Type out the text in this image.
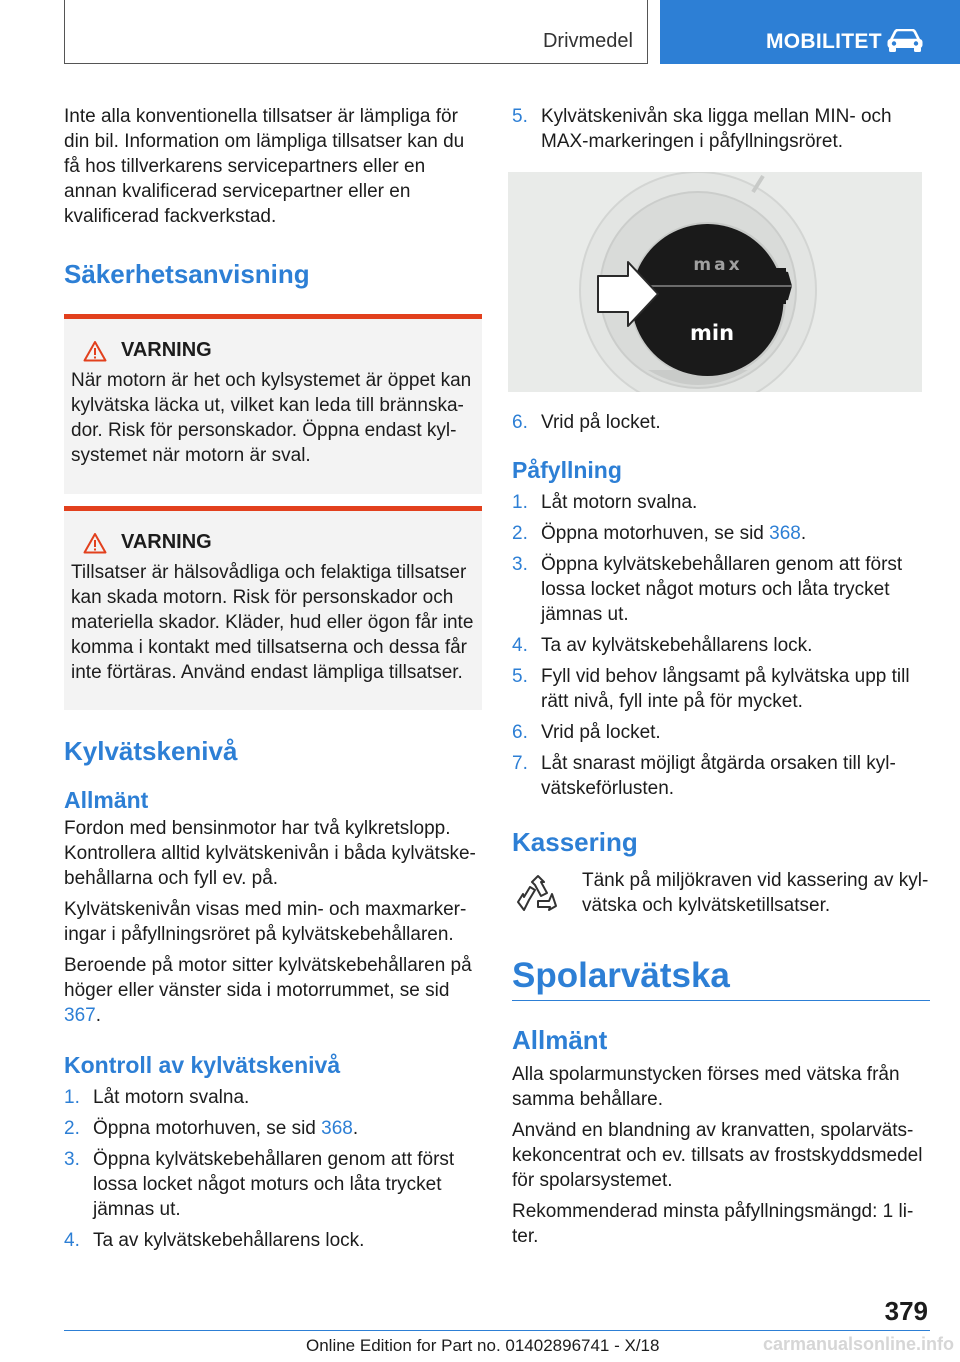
Drivmedel	MOBILITET

Inte alla konventionella tillsatser är lämpliga för din bil. Information om lämpliga tillsatser kan du få hos tillverkarens servicepartners eller en annan kvalificerad servicepartner eller en kvalificerad fackverkstad.

Säkerhetsanvisning
VARNING

När motorn är het och kylsystemet är öppet kan kylvätska läcka ut, vilket kan leda till brännskador. Risk för personskador. Öppna endast kylsystemet när motorn är sval.

VARNING

Tillsatser är hälsovådliga och felaktiga tillsatser kan skada motorn. Risk för personskador och materiella skador. Kläder, hud eller ögon får inte komma i kontakt med tillsatserna och dessa får inte förtäras. Använd endast lämpliga tillsatser.

Kylvätskenivå
Allmänt

Fordon med bensinmotor har två kylkretslopp. Kontrollera alltid kylvätskenivån i båda kylvätskebehållarna och fyll ev. på.

Kylvätskenivån visas med min- och maxmarkeringar i påfyllningsröret på kylvätskebehållaren.

Beroende på motor sitter kylvätskebehållaren på höger eller vänster sida i motorrummet, se sid 367.

Kontroll av kylvätskenivå
1. Låt motorn svalna.
2. Öppna motorhuven, se sid 368.
3. Öppna kylvätskebehållaren genom att först lossa locket något moturs och låta trycket jämnas ut.
4. Ta av kylvätskebehållarens lock.
5. Kylvätskenivån ska ligga mellan MIN- och MAX-markeringen i påfyllningsröret.
max
min
6. Vrid på locket.
Påfyllning
1. Låt motorn svalna.
2. Öppna motorhuven, se sid 368.
3. Öppna kylvätskebehållaren genom att först lossa locket något moturs och låta trycket jämnas ut.
4. Ta av kylvätskebehållarens lock.
5. Fyll vid behov långsamt på kylvätska upp till rätt nivå, fyll inte på för mycket.
6. Vrid på locket.
7. Låt snarast möjligt åtgärda orsaken till kylvätskeförlusten.
Kassering

Tänk på miljökraven vid kassering av kylvätska och kylvätsketillsatser.

Spolarvätska
Allmänt

Alla spolarmunstycken förses med vätska från samma behållare.

Använd en blandning av kranvatten, spolarvätskekoncentrat och ev. tillsats av frostskyddsmedel för spolarsystemet.

Rekommenderad minsta påfyllningsmängd: 1 liter.

379
Online Edition for Part no. 01402896741 - X/18	carmanualsonline.info
